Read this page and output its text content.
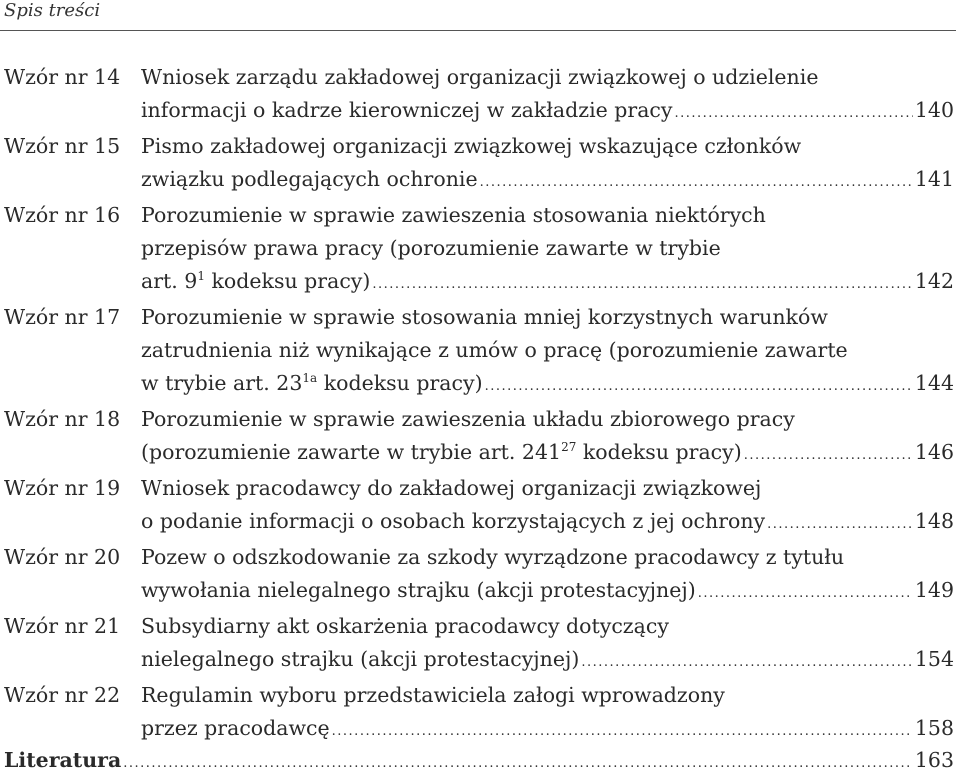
Spis treści
Wzór nr 14	Wniosek zarządu zakładowej organizacji związkowej o udzielenie
informacji o kadrze kierowniczej w zakładzie pracy .....	140
Wzór nr 15	Pismo zakładowej organizacji związkowej wskazujące członków
związku podlegających ochronie .....	141
Wzór nr 16	Porozumienie w sprawie zawieszenia stosowania niektórych
przepisów prawa pracy (porozumienie zawarte w trybie
art. $9^1$ kodeksu pracy) .....	142
Wzór nr 17	Porozumienie w sprawie stosowania mniej korzystnych warunków
zatrudnienia niż wynikające z umów o pracę (porozumienie zawarte
w trybie art. $23^{1a}$ kodeksu pracy) .....	144
Wzór nr 18	Porozumienie w sprawie zawieszenia układu zbiorowego pracy
(porozumienie zawarte w trybie art. $241^{27}$ kodeksu pracy) .....	146
Wzór nr 19	Wniosek pracodawcy do zakładowej organizacji związkowej
o podanie informacji o osobach korzystających z jej ochrony .....	148
Wzór nr 20	Pozew o odszkodowanie za szkody wyrządzone pracodawcy z tytułu
wywołania nielegalnego strajku (akcji protestacyjnej) .....	149
Wzór nr 21	Subsydiarny akt oskarżenia pracodawcy dotyczący
nielegalnego strajku (akcji protestacyjnej) .....	154
Wzór nr 22	Regulamin wyboru przedstawiciela załogi wprowadzony
przez pracodawcę .....	158
Literatura .....	163
